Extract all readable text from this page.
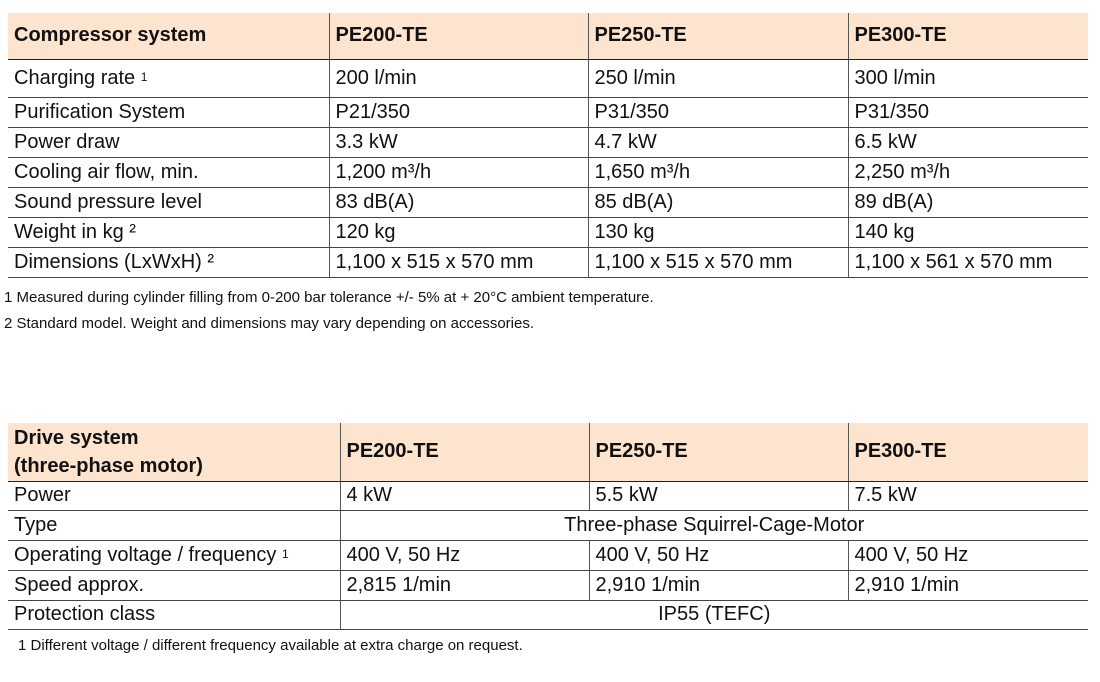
Compressor system	PE200-TE	PE250-TE	PE300-TE
Charging rate $^1$	200 l/min	250 l/min	300 l/min
Purification System	P21/350	P31/350	P31/350
Power draw	3.3 kW	4.7 kW	6.5 kW
Cooling air flow, min.	1,200 m³/h	1,650 m³/h	2,250 m³/h
Sound pressure level	83 dB(A)	85 dB(A)	89 dB(A)
Weight in kg ²	120 kg	130 kg	140 kg
Dimensions (LxWxH) ²	1,100 x 515 x 570 mm	1,100 x 515 x 570 mm	1,100 x 561 x 570 mm
1 Measured during cylinder filling from 0-200 bar tolerance +/- 5% at + 20°C ambient temperature.
2 Standard model. Weight and dimensions may vary depending on accessories.
Drive system
(three-phase motor)	PE200-TE	PE250-TE	PE300-TE
Power	4 kW	5.5 kW	7.5 kW
Type	Three-phase Squirrel-Cage-Motor		
Operating voltage / frequency $^1$	400 V, 50 Hz	400 V, 50 Hz	400 V, 50 Hz
Speed approx.	2,815 1/min	2,910 1/min	2,910 1/min
Protection class	IP55 (TEFC)		
1 Different voltage / different frequency available at extra charge on request.
